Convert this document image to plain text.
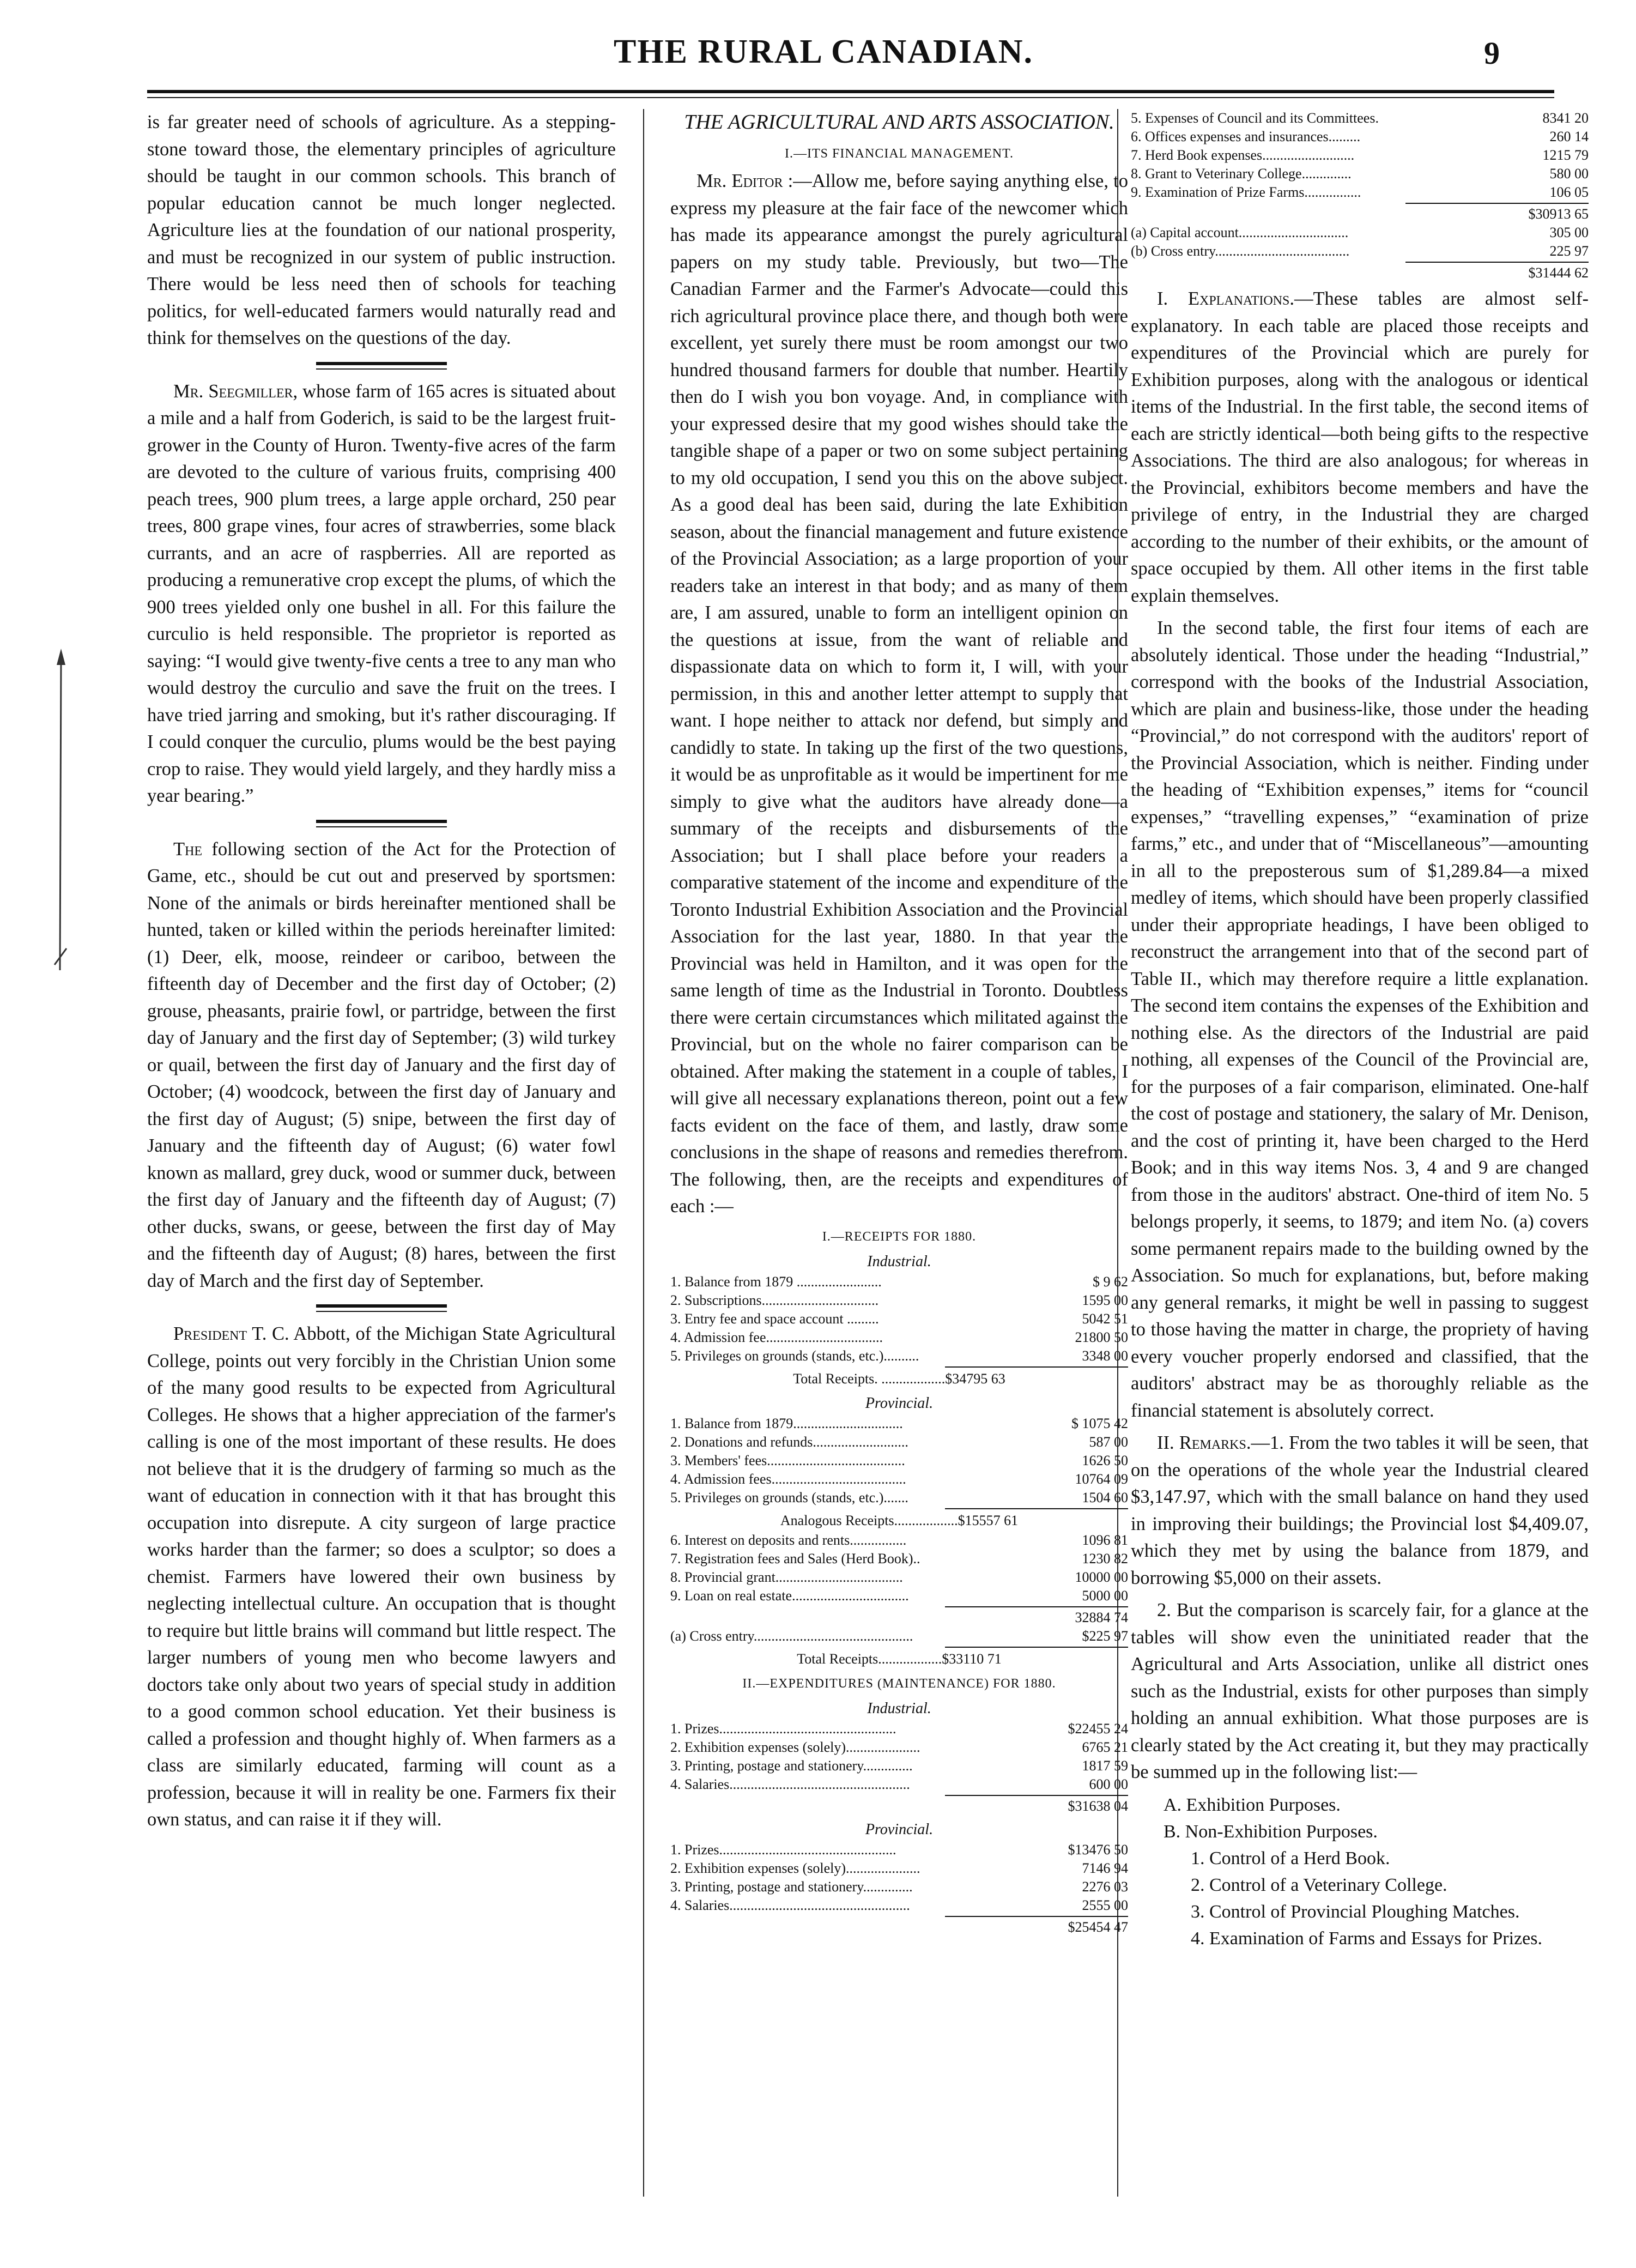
THE RURAL CANADIAN.	9

is far greater need of schools of agriculture. As a stepping-stone toward those, the elementary principles of agriculture should be taught in our common schools. This branch of popular education cannot be much longer neglected. Agriculture lies at the foundation of our national prosperity, and must be recognized in our system of public instruction. There would be less need then of schools for teaching politics, for well-educated farmers would naturally read and think for themselves on the questions of the day.

Mr. Seegmiller, whose farm of 165 acres is situated about a mile and a half from Goderich, is said to be the largest fruit-grower in the County of Huron. Twenty-five acres of the farm are devoted to the culture of various fruits, comprising 400 peach trees, 900 plum trees, a large apple orchard, 250 pear trees, 800 grape vines, four acres of strawberries, some black currants, and an acre of raspberries. All are reported as producing a remunerative crop except the plums, of which the 900 trees yielded only one bushel in all. For this failure the curculio is held responsible. The proprietor is reported as saying: “I would give twenty-five cents a tree to any man who would destroy the curculio and save the fruit on the trees. I have tried jarring and smoking, but it's rather discouraging. If I could conquer the curculio, plums would be the best paying crop to raise. They would yield largely, and they hardly miss a year bearing.”

The following section of the Act for the Protection of Game, etc., should be cut out and preserved by sportsmen: None of the animals or birds hereinafter mentioned shall be hunted, taken or killed within the periods hereinafter limited: (1) Deer, elk, moose, reindeer or cariboo, between the fifteenth day of December and the first day of October; (2) grouse, pheasants, prairie fowl, or partridge, between the first day of January and the first day of September; (3) wild turkey or quail, between the first day of January and the first day of October; (4) woodcock, between the first day of January and the first day of August; (5) snipe, between the first day of January and the fifteenth day of August; (6) water fowl known as mallard, grey duck, wood or summer duck, between the first day of January and the fifteenth day of August; (7) other ducks, swans, or geese, between the first day of May and the fifteenth day of August; (8) hares, between the first day of March and the first day of September.

President T. C. Abbott, of the Michigan State Agricultural College, points out very forcibly in the Christian Union some of the many good results to be expected from Agricultural Colleges. He shows that a higher appreciation of the farmer's calling is one of the most important of these results. He does not believe that it is the drudgery of farming so much as the want of education in connection with it that has brought this occupation into disrepute. A city surgeon of large practice works harder than the farmer; so does a sculptor; so does a chemist. Farmers have lowered their own business by neglecting intellectual culture. An occupation that is thought to require but little brains will command but little respect. The larger numbers of young men who become lawyers and doctors take only about two years of special study in addition to a good common school education. Yet their business is called a profession and thought highly of. When farmers as a class are similarly educated, farming will count as a profession, because it will in reality be one. Farmers fix their own status, and can raise it if they will.

THE AGRICULTURAL AND ARTS ASSOCIATION.
I.—ITS FINANCIAL MANAGEMENT.

Mr. Editor :—Allow me, before saying anything else, to express my pleasure at the fair face of the newcomer which has made its appearance amongst the purely agricultural papers on my study table. Previously, but two—The Canadian Farmer and the Farmer's Advocate—could this rich agricultural province place there, and though both were excellent, yet surely there must be room amongst our two hundred thousand farmers for double that number. Heartily then do I wish you bon voyage. And, in compliance with your expressed desire that my good wishes should take the tangible shape of a paper or two on some subject pertaining to my old occupation, I send you this on the above subject. As a good deal has been said, during the late Exhibition season, about the financial management and future existence of the Provincial Association; as a large proportion of your readers take an interest in that body; and as many of them are, I am assured, unable to form an intelligent opinion on the questions at issue, from the want of reliable and dispassionate data on which to form it, I will, with your permission, in this and another letter attempt to supply that want. I hope neither to attack nor defend, but simply and candidly to state. In taking up the first of the two questions, it would be as unprofitable as it would be impertinent for me simply to give what the auditors have already done—a summary of the receipts and disbursements of the Association; but I shall place before your readers a comparative statement of the income and expenditure of the Toronto Industrial Exhibition Association and the Provincial Association for the last year, 1880. In that year the Provincial was held in Hamilton, and it was open for the same length of time as the Industrial in Toronto. Doubtless there were certain circumstances which militated against the Provincial, but on the whole no fairer comparison can be obtained. After making the statement in a couple of tables, I will give all necessary explanations thereon, point out a few facts evident on the face of them, and lastly, draw some conclusions in the shape of reasons and remedies therefrom. The following, then, are the receipts and expenditures of each :—

I.—RECEIPTS FOR 1880.
Industrial.
1. Balance from 1879 ........................	$ 9 62
2. Subscriptions.................................	1595 00
3. Entry fee and space account .........	5042 51
4. Admission fee.................................	21800 50
5. Privileges on grounds (stands, etc.)..........	3348 00
Total Receipts. ..................$34795 63
Provincial.
1. Balance from 1879...............................	$ 1075 42
2. Donations and refunds...........................	587 00
3. Members' fees.......................................	1626 50
4. Admission fees......................................	10764 09
5. Privileges on grounds (stands, etc.).......	1504 60
Analogous Receipts..................$15557 61
6. Interest on deposits and rents................	1096 81
7. Registration fees and Sales (Herd Book)..	1230 82
8. Provincial grant....................................	10000 00
9. Loan on real estate.................................	5000 00
32884 74
(a) Cross entry.............................................	$225 97
Total Receipts..................$33110 71
II.—EXPENDITURES (MAINTENANCE) FOR 1880.
Industrial.
1. Prizes..................................................	$22455 24
2. Exhibition expenses (solely).....................	6765 21
3. Printing, postage and stationery..............	1817 59
4. Salaries...................................................	600 00
$31638 04
Provincial.
1. Prizes..................................................	$13476 50
2. Exhibition expenses (solely).....................	7146 94
3. Printing, postage and stationery..............	2276 03
4. Salaries...................................................	2555 00
$25454 47
5. Expenses of Council and its Committees.	8341 20
6. Offices expenses and insurances.........	260 14
7. Herd Book expenses..........................	1215 79
8. Grant to Veterinary College..............	580 00
9. Examination of Prize Farms................	106 05
$30913 65
(a) Capital account...............................	305 00
(b) Cross entry......................................	225 97
$31444 62

I. Explanations.—These tables are almost self-explanatory. In each table are placed those receipts and expenditures of the Provincial which are purely for Exhibition purposes, along with the analogous or identical items of the Industrial. In the first table, the second items of each are strictly identical—both being gifts to the respective Associations. The third are also analogous; for whereas in the Provincial, exhibitors become members and have the privilege of entry, in the Industrial they are charged according to the number of their exhibits, or the amount of space occupied by them. All other items in the first table explain themselves.

In the second table, the first four items of each are absolutely identical. Those under the heading “Industrial,” correspond with the books of the Industrial Association, which are plain and business-like, those under the heading “Provincial,” do not correspond with the auditors' report of the Provincial Association, which is neither. Finding under the heading of “Exhibition expenses,” items for “council expenses,” “travelling expenses,” “examination of prize farms,” etc., and under that of “Miscellaneous”—amounting in all to the preposterous sum of $1,289.84—a mixed medley of items, which should have been properly classified under their appropriate headings, I have been obliged to reconstruct the arrangement into that of the second part of Table II., which may therefore require a little explanation. The second item contains the expenses of the Exhibition and nothing else. As the directors of the Industrial are paid nothing, all expenses of the Council of the Provincial are, for the purposes of a fair comparison, eliminated. One-half the cost of postage and stationery, the salary of Mr. Denison, and the cost of printing it, have been charged to the Herd Book; and in this way items Nos. 3, 4 and 9 are changed from those in the auditors' abstract. One-third of item No. 5 belongs properly, it seems, to 1879; and item No. (a) covers some permanent repairs made to the building owned by the Association. So much for explanations, but, before making any general remarks, it might be well in passing to suggest to those having the matter in charge, the propriety of having every voucher properly endorsed and classified, that the auditors' abstract may be as thoroughly reliable as the financial statement is absolutely correct.

II. Remarks.—1. From the two tables it will be seen, that on the operations of the whole year the Industrial cleared $3,147.97, which with the small balance on hand they used in improving their buildings; the Provincial lost $4,409.07, which they met by using the balance from 1879, and borrowing $5,000 on their assets.

2. But the comparison is scarcely fair, for a glance at the tables will show even the uninitiated reader that the Agricultural and Arts Association, unlike all district ones such as the Industrial, exists for other purposes than simply holding an annual exhibition. What those purposes are is clearly stated by the Act creating it, but they may practically be summed up in the following list:—

A. Exhibition Purposes.
B. Non-Exhibition Purposes.
1. Control of a Herd Book.
2. Control of a Veterinary College.
3. Control of Provincial Ploughing Matches.
4. Examination of Farms and Essays for Prizes.
